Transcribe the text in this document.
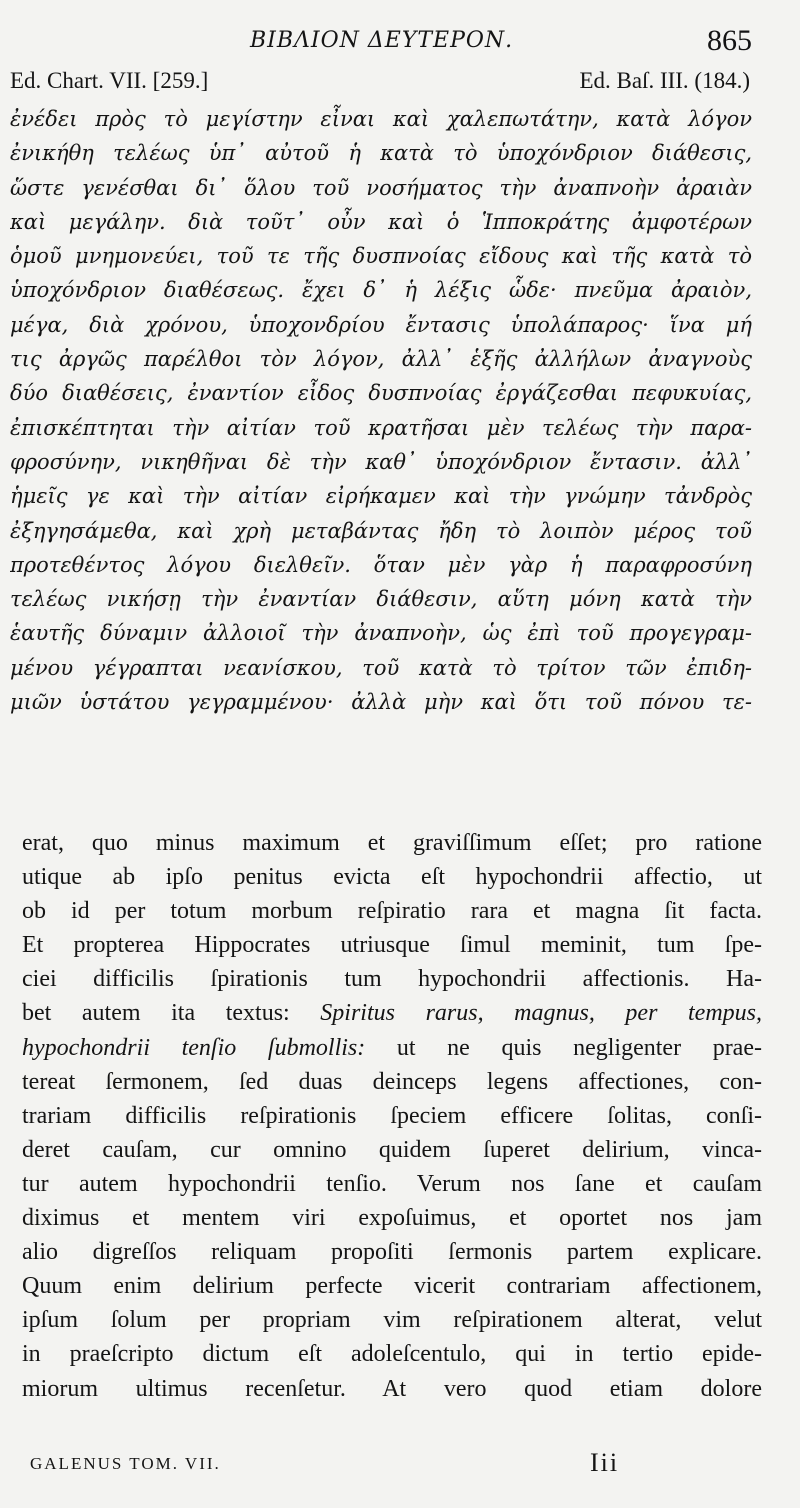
ΒΙΒΛΙΟΝ ΔΕΥΤΕΡΟΝ.	865
Ed. Chart. VII. [259.]	Ed. Baſ. III. (184.)
ἐνέδει πρὸς τὸ μεγίστην εἶναι καὶ χαλεπωτάτην, κατὰ λόγον
ἐνικήθη τελέως ὑπ᾽ αὐτοῦ ἡ κατὰ τὸ ὑποχόνδριον διάθεσις,
ὥστε γενέσθαι δι᾽ ὅλου τοῦ νοσήματος τὴν ἀναπνοὴν ἀραιὰν
καὶ μεγάλην. διὰ τοῦτ᾽ οὖν καὶ ὁ Ἱπποκράτης ἀμφοτέρων
ὁμοῦ μνημονεύει, τοῦ τε τῆς δυσπνοίας εἴδους καὶ τῆς κατὰ τὸ
ὑποχόνδριον διαθέσεως. ἔχει δ᾽ ἡ λέξις ὧδε· πνεῦμα ἀραιὸν,
μέγα, διὰ χρόνου, ὑποχονδρίου ἔντασις ὑπολάπαρος· ἵνα μή
τις ἀργῶς παρέλθοι τὸν λόγον, ἀλλ᾽ ἑξῆς ἀλλήλων ἀναγνοὺς
δύο διαθέσεις, ἐναντίον εἶδος δυσπνοίας ἐργάζεσθαι πεφυκυίας,
ἐπισκέπτηται τὴν αἰτίαν τοῦ κρατῆσαι μὲν τελέως τὴν παρα-
φροσύνην, νικηθῆναι δὲ τὴν καθ᾽ ὑποχόνδριον ἔντασιν. ἀλλ᾽
ἡμεῖς γε καὶ τὴν αἰτίαν εἰρήκαμεν καὶ τὴν γνώμην τἀνδρὸς
ἐξηγησάμεθα, καὶ χρὴ μεταβάντας ἤδη τὸ λοιπὸν μέρος τοῦ
προτεθέντος λόγου διελθεῖν. ὅταν μὲν γὰρ ἡ παραφροσύνη
τελέως νικήσῃ τὴν ἐναντίαν διάθεσιν, αὕτη μόνη κατὰ τὴν
ἑαυτῆς δύναμιν ἀλλοιοῖ τὴν ἀναπνοὴν, ὡς ἐπὶ τοῦ προγεγραμ-
μένου γέγραπται νεανίσκου, τοῦ κατὰ τὸ τρίτον τῶν ἐπιδη-
μιῶν ὑστάτου γεγραμμένου· ἀλλὰ μὴν καὶ ὅτι τοῦ πόνου τε-
erat, quo minus maximum et graviſſimum eſſet; pro ratione
utique ab ipſo penitus evicta eſt hypochondrii affectio, ut
ob id per totum morbum reſpiratio rara et magna ſit facta.
Et propterea Hippocrates utriusque ſimul meminit, tum ſpe-
ciei difficilis ſpirationis tum hypochondrii affectionis. Ha-
bet autem ita textus: Spiritus rarus, magnus, per tempus,
hypochondrii tenſio ſubmollis: ut ne quis negligenter prae-
tereat ſermonem, ſed duas deinceps legens affectiones, con-
trariam difficilis reſpirationis ſpeciem efficere ſolitas, conſi-
deret cauſam, cur omnino quidem ſuperet delirium, vinca-
tur autem hypochondrii tenſio. Verum nos ſane et cauſam
diximus et mentem viri expoſuimus, et oportet nos jam
alio digreſſos reliquam propoſiti ſermonis partem explicare.
Quum enim delirium perfecte vicerit contrariam affectionem,
ipſum ſolum per propriam vim reſpirationem alterat, velut
in praeſcripto dictum eſt adoleſcentulo, qui in tertio epide-
miorum ultimus recenſetur. At vero quod etiam dolore
GALENUS TOM. VII.	Iii
